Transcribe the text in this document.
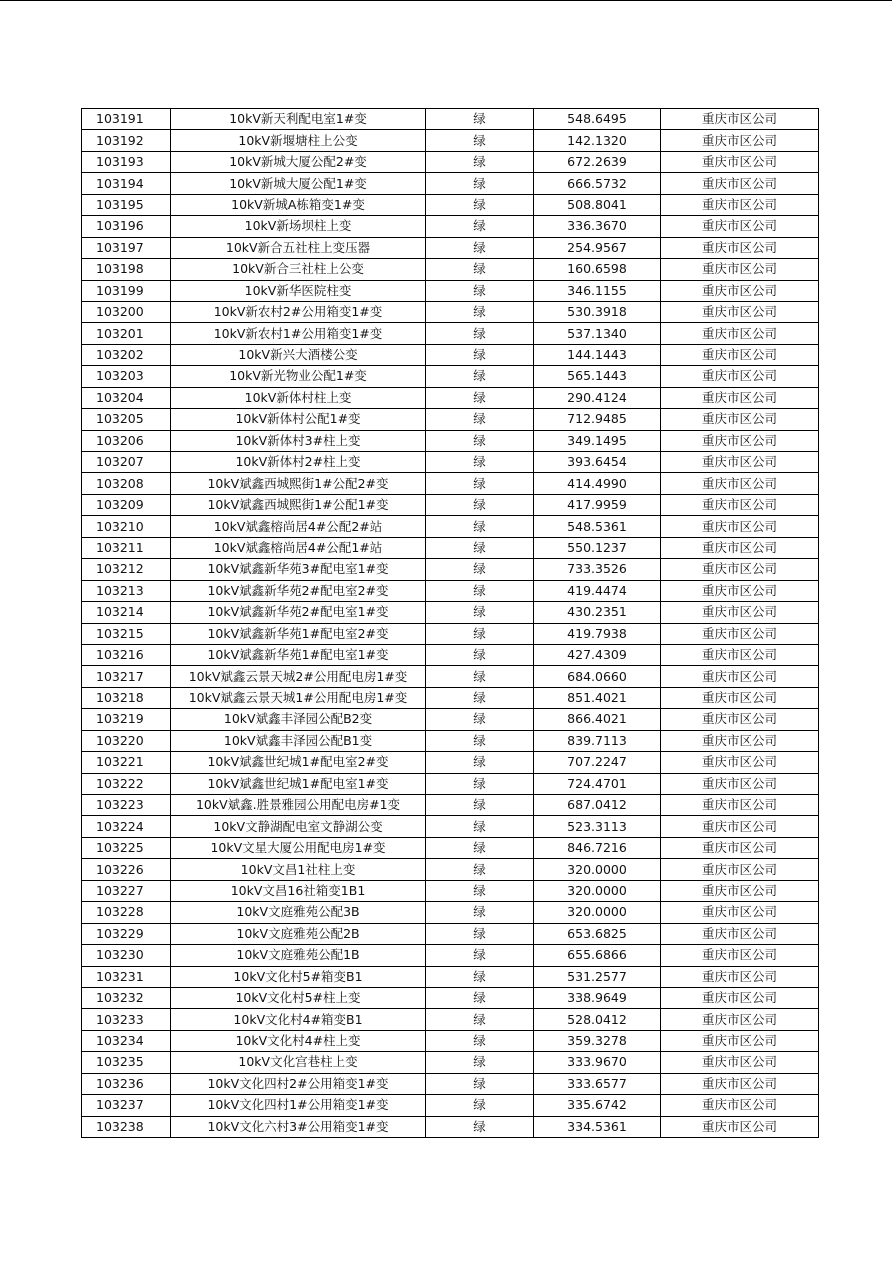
103191	10kV新天利配电室1#变	绿	548.6495	重庆市区公司
103192	10kV新堰塘柱上公变	绿	142.1320	重庆市区公司
103193	10kV新城大厦公配2#变	绿	672.2639	重庆市区公司
103194	10kV新城大厦公配1#变	绿	666.5732	重庆市区公司
103195	10kV新城A栋箱变1#变	绿	508.8041	重庆市区公司
103196	10kV新场坝柱上变	绿	336.3670	重庆市区公司
103197	10kV新合五社柱上变压器	绿	254.9567	重庆市区公司
103198	10kV新合三社柱上公变	绿	160.6598	重庆市区公司
103199	10kV新华医院柱变	绿	346.1155	重庆市区公司
103200	10kV新农村2#公用箱变1#变	绿	530.3918	重庆市区公司
103201	10kV新农村1#公用箱变1#变	绿	537.1340	重庆市区公司
103202	10kV新兴大酒楼公变	绿	144.1443	重庆市区公司
103203	10kV新光物业公配1#变	绿	565.1443	重庆市区公司
103204	10kV新体村柱上变	绿	290.4124	重庆市区公司
103205	10kV新体村公配1#变	绿	712.9485	重庆市区公司
103206	10kV新体村3#柱上变	绿	349.1495	重庆市区公司
103207	10kV新体村2#柱上变	绿	393.6454	重庆市区公司
103208	10kV斌鑫西城熙街1#公配2#变	绿	414.4990	重庆市区公司
103209	10kV斌鑫西城熙街1#公配1#变	绿	417.9959	重庆市区公司
103210	10kV斌鑫榕尚居4#公配2#站	绿	548.5361	重庆市区公司
103211	10kV斌鑫榕尚居4#公配1#站	绿	550.1237	重庆市区公司
103212	10kV斌鑫新华苑3#配电室1#变	绿	733.3526	重庆市区公司
103213	10kV斌鑫新华苑2#配电室2#变	绿	419.4474	重庆市区公司
103214	10kV斌鑫新华苑2#配电室1#变	绿	430.2351	重庆市区公司
103215	10kV斌鑫新华苑1#配电室2#变	绿	419.7938	重庆市区公司
103216	10kV斌鑫新华苑1#配电室1#变	绿	427.4309	重庆市区公司
103217	10kV斌鑫云景天城2#公用配电房1#变	绿	684.0660	重庆市区公司
103218	10kV斌鑫云景天城1#公用配电房1#变	绿	851.4021	重庆市区公司
103219	10kV斌鑫丰泽园公配B2变	绿	866.4021	重庆市区公司
103220	10kV斌鑫丰泽园公配B1变	绿	839.7113	重庆市区公司
103221	10kV斌鑫世纪城1#配电室2#变	绿	707.2247	重庆市区公司
103222	10kV斌鑫世纪城1#配电室1#变	绿	724.4701	重庆市区公司
103223	10kV斌鑫.胜景雅园公用配电房#1变	绿	687.0412	重庆市区公司
103224	10kV文静湖配电室文静湖公变	绿	523.3113	重庆市区公司
103225	10kV文星大厦公用配电房1#变	绿	846.7216	重庆市区公司
103226	10kV文昌1社柱上变	绿	320.0000	重庆市区公司
103227	10kV文昌16社箱变1B1	绿	320.0000	重庆市区公司
103228	10kV文庭雅苑公配3B	绿	320.0000	重庆市区公司
103229	10kV文庭雅苑公配2B	绿	653.6825	重庆市区公司
103230	10kV文庭雅苑公配1B	绿	655.6866	重庆市区公司
103231	10kV文化村5#箱变B1	绿	531.2577	重庆市区公司
103232	10kV文化村5#柱上变	绿	338.9649	重庆市区公司
103233	10kV文化村4#箱变B1	绿	528.0412	重庆市区公司
103234	10kV文化村4#柱上变	绿	359.3278	重庆市区公司
103235	10kV文化宫巷柱上变	绿	333.9670	重庆市区公司
103236	10kV文化四村2#公用箱变1#变	绿	333.6577	重庆市区公司
103237	10kV文化四村1#公用箱变1#变	绿	335.6742	重庆市区公司
103238	10kV文化六村3#公用箱变1#变	绿	334.5361	重庆市区公司
